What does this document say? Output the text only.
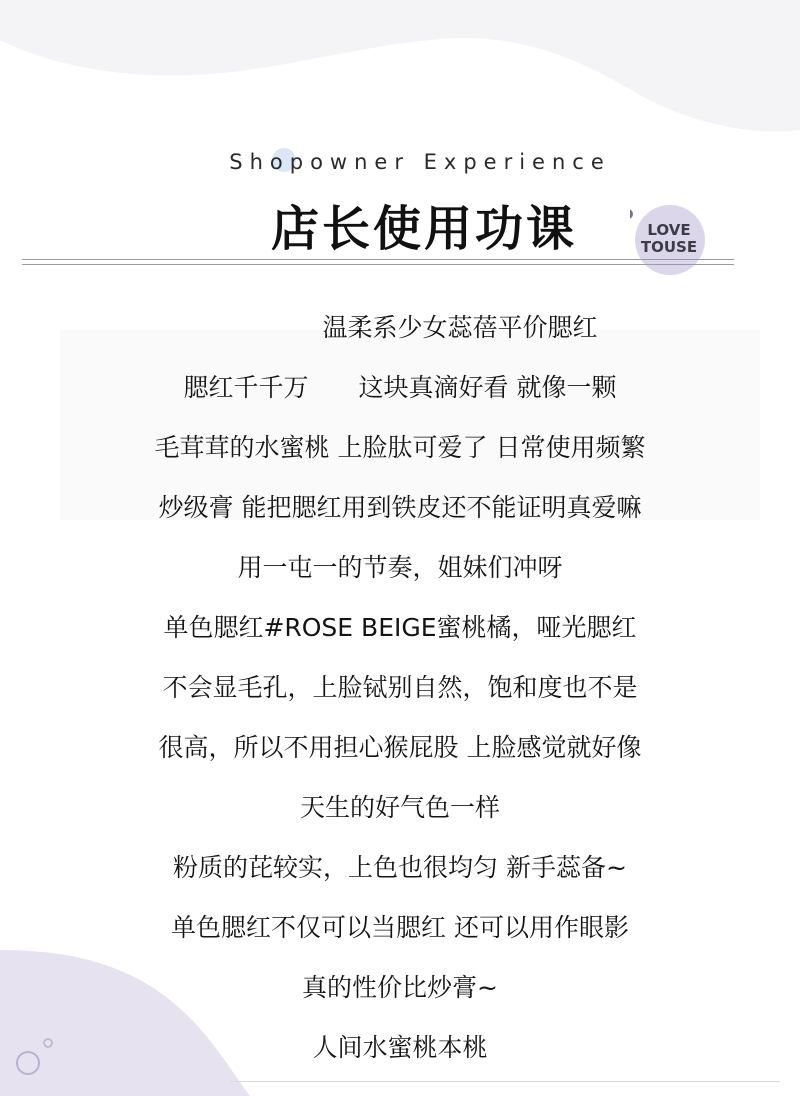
Shopowner Experience
店长使用功课	LOVE
TOUSE
温柔系少女蕊蓓平价腮红
腮红千千万　　这块真滴好看 就像一颗
毛茸茸的水蜜桃 上脸肽可爱了 日常使用频繁
炒级膏 能把腮红用到铁皮还不能证明真爱嘛
用一屯一的节奏，姐妹们冲呀
单色腮红#ROSE BEIGE蜜桃橘，哑光腮红
不会显毛孔，上脸铽别自然，饱和度也不是
很高，所以不用担心猴屁股 上脸感觉就好像
天生的好气色一样
粉质的芘较实，上色也很均匀 新手蕊备~
单色腮红不仅可以当腮红 还可以用作眼影
真的性价比炒膏~
人间水蜜桃本桃
